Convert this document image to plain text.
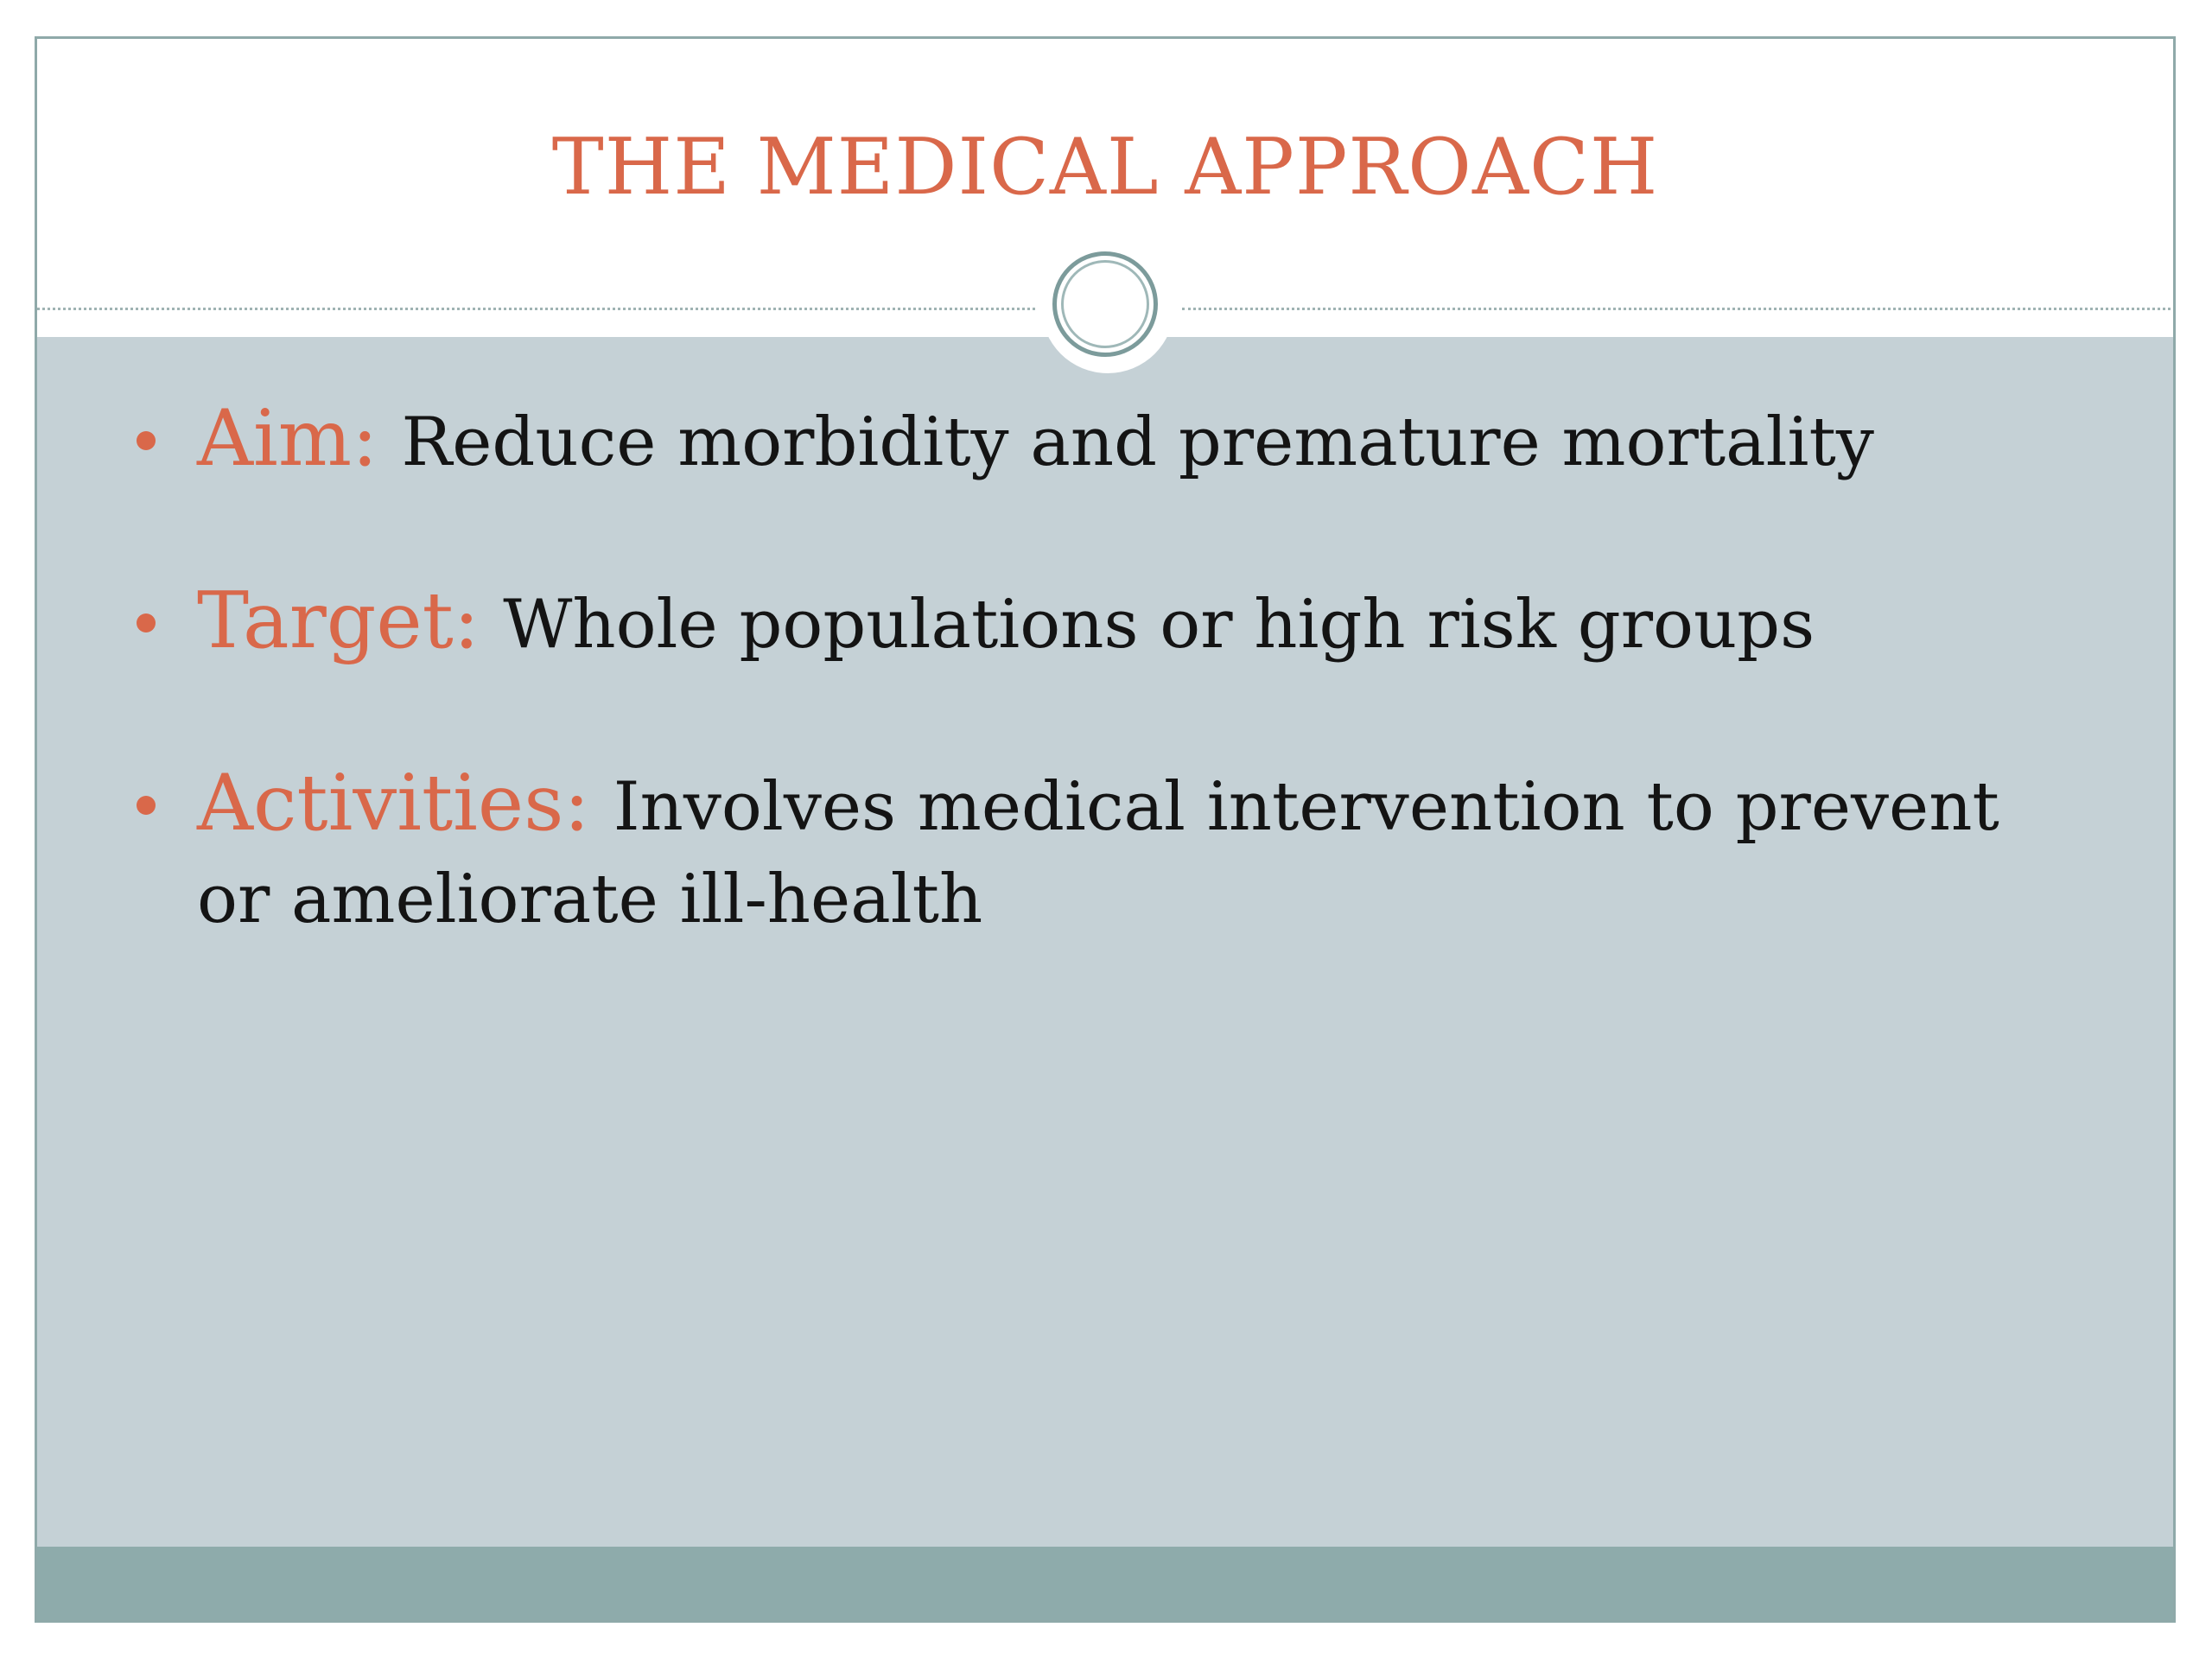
THE MEDICAL APPROACH
Aim: Reduce morbidity and premature mortality
Target: Whole populations or high risk groups
Activities: Involves medical intervention to prevent or ameliorate ill-health
